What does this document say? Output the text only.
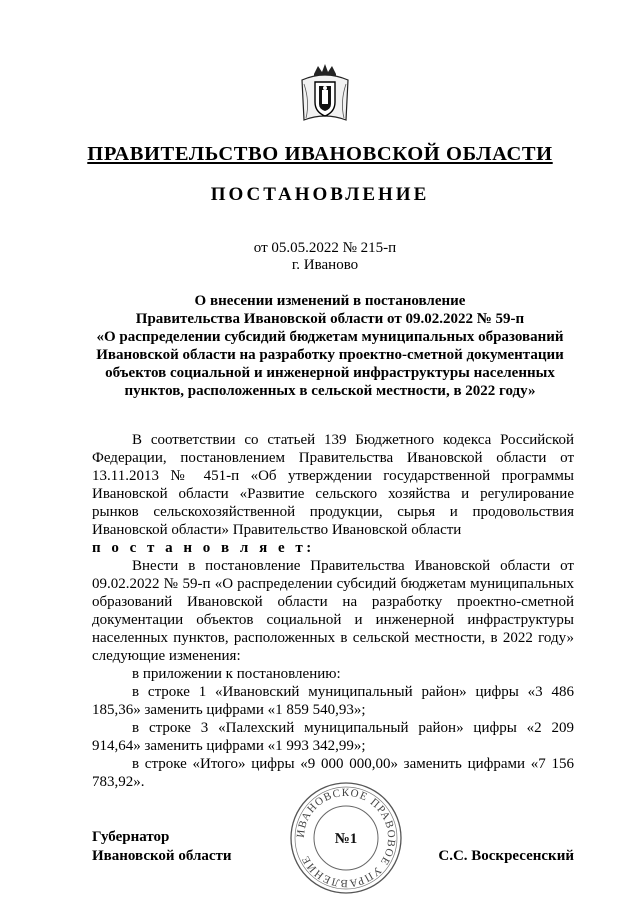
ПРАВИТЕЛЬСТВО ИВАНОВСКОЙ ОБЛАСТИ
ПОСТАНОВЛЕНИЕ
от 05.05.2022 № 215-п
г. Иваново
О внесении изменений в постановление
Правительства Ивановской области от 09.02.2022 № 59-п
«О распределении субсидий бюджетам муниципальных образований
Ивановской области на разработку проектно-сметной документации
объектов социальной и инженерной инфраструктуры населенных
пунктов, расположенных в сельской местности, в 2022 году»

В соответствии со статьей 139 Бюджетного кодекса Российской Федерации, постановлением Правительства Ивановской области от 13.11.2013 № 451-п «Об утверждении государственной программы Ивановской области «Развитие сельского хозяйства и регулирование рынков сельскохозяйственной продукции, сырья и продовольствия Ивановской области» Правительство Ивановской области

п о с т а н о в л я е т:

Внести в постановление Правительства Ивановской области от 09.02.2022 № 59-п «О распределении субсидий бюджетам муниципальных образований Ивановской области на разработку проектно-сметной документации объектов социальной и инженерной инфраструктуры населенных пунктов, расположенных в сельской местности, в 2022 году» следующие изменения:

в приложении к постановлению:

в строке 1 «Ивановский муниципальный район» цифры «3 486 185,36» заменить цифрами «1 859 540,93»;

в строке 3 «Палехский муниципальный район» цифры «2 209 914,64» заменить цифрами «1 993 342,99»;

в строке «Итого» цифры «9 000 000,00» заменить цифрами «7 156 783,92».

ИВАНОВСКОЕ ПРАВОВОЕ УПРАВЛЕНИЕ
№1
Губернатор
Ивановской области	С.С. Воскресенский
